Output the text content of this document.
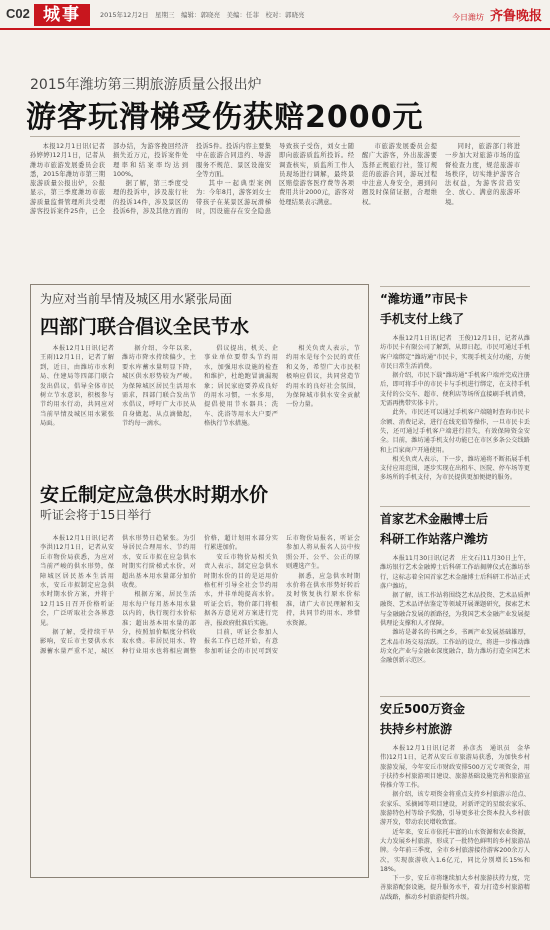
C02 城事	2015年12月2日　星期三　编辑：郭晓亮　美编：任菲　校对：郭晓亮	今日潍坊 齐鲁晚报
2015年潍坊第三期旅游质量公报出炉
游客玩滑梯受伤获赔2000元

本报12月1日讯(记者　孙婷婷)12月1日，记者从潍坊市旅游发展委员会获悉，2015年潍坊市第三期旅游质量公报出炉，公报显示，第三季度潍坊市旅游质量监督管理所共受理游客投诉案件25件，已全部办结，为游客挽回经济损失近万元，投诉案件处理率和结案率均达到100%。

据了解，第三季度受理的投诉中，涉及旅行社的投诉14件，涉及景区的投诉6件，涉及其他方面的投诉5件。投诉内容主要集中在旅游合同违约、导游服务不规范、景区设施安全等方面。

其中一起典型案例为：今年8月，游客刘女士带孩子在某景区游玩滑梯时，因设施存在安全隐患导致孩子受伤，刘女士随即向旅游质监所投诉。经调查核实，质监所工作人员现场进行调解，最终景区赔偿游客医疗费等各项费用共计2000元，游客对处理结果表示满意。

市旅游发展委员会提醒广大游客，外出旅游要选择正规旅行社，签订规范的旅游合同，游玩过程中注意人身安全，遇到问题及时保留证据，合理维权。

同时，旅游部门将进一步加大对旅游市场的监督检查力度，规范旅游市场秩序，切实维护游客合法权益，为游客营造安全、放心、满意的旅游环境。

为应对当前旱情及城区用水紧张局面
四部门联合倡议全民节水

本报12月1日讯(记者　王雨)12月1日，记者了解到，近日，由潍坊市水利局、住建局等四部门联合发出倡议，倡导全体市民树立节水意识，积极参与节约用水行动，共同应对当前旱情及城区用水紧张局面。

据介绍，今年以来，潍坊市降水持续偏少，主要水库蓄水量明显下降，城区供水形势较为严峻。为保障城区居民生活用水需求，四部门联合发出节水倡议，呼吁广大市民从自身做起、从点滴做起，节约每一滴水。

倡议提出，机关、企事业单位要带头节约用水，加强用水设施的检查和维护，杜绝跑冒滴漏现象；居民家庭要养成良好的用水习惯，一水多用，提倡使用节水器具；洗车、洗浴等用水大户要严格执行节水措施。

相关负责人表示，节约用水是每个公民的责任和义务，希望广大市民积极响应倡议，共同营造节约用水的良好社会氛围，为保障城市供水安全贡献一份力量。

安丘制定应急供水时期水价
听证会将于15日举行

本报12月1日讯(记者　李洪)12月1日，记者从安丘市物价局获悉，为应对当前严峻的供水形势，保障城区居民基本生活用水，安丘市拟制定应急供水时期水价方案，并将于12月15日召开价格听证会，广泛听取社会各界意见。

据了解，受持续干旱影响，安丘市主要供水水源蓄水量严重不足，城区供水形势日趋紧张。为引导居民合理用水、节约用水，安丘市拟在应急供水时期实行阶梯式水价，对超出基本用水量部分加价收费。

根据方案，居民生活用水每户每月基本用水量以内的，执行现行水价标准；超出基本用水量的部分，按照加价幅度分档收取水费。非居民用水、特种行业用水也将相应调整价格，超计划用水部分实行累进加价。

安丘市物价局相关负责人表示，制定应急供水时期水价的目的是运用价格杠杆引导全社会节约用水，并非单纯提高水价。听证会后，物价部门将根据各方意见对方案进行完善，报政府批准后实施。

目前，听证会参加人报名工作已经开始，有意参加听证会的市民可到安丘市物价局报名，听证会参加人将从报名人员中按照公开、公平、公正的原则遴选产生。

据悉，应急供水时期水价将在供水形势好转后及时恢复执行原水价标准，请广大市民理解和支持，共同节约用水、珍惜水资源。

“潍坊通”市民卡
手机支付上线了

本报12月1日讯(记者　王俊)12月1日，记者从潍坊市民卡有限公司了解到，从即日起，市民可通过手机客户端绑定“潍坊通”市民卡，实现手机支付功能，方便市民日常生活消费。

据介绍，市民下载“潍坊通”手机客户端并完成注册后，即可将手中的市民卡与手机进行绑定，在支持手机支付的公交车、超市、便利店等场所直接刷手机消费，无需再携带实体卡片。

此外，市民还可以通过手机客户端随时查询市民卡余额、消费记录，进行在线充值等操作，一旦市民卡丢失，还可通过手机客户端进行挂失，有效保障资金安全。目前，潍坊通手机支付功能已在市区多条公交线路和上百家商户开通使用。

相关负责人表示，下一步，潍坊通将不断拓展手机支付应用范围，逐步实现在出租车、医院、停车场等更多场所的手机支付，为市民提供更加便捷的服务。

首家艺术金融博士后
科研工作站落户潍坊

本报11月30日讯(记者　庄文石)11月30日上午，潍坊银行艺术金融博士后科研工作站揭牌仪式在潍坊举行，这标志着全国首家艺术金融博士后科研工作站正式落户潍坊。

据了解，该工作站将围绕艺术品投资、艺术品质押融资、艺术品评估鉴定等领域开展课题研究，探索艺术与金融融合发展的新路径，为我国艺术金融产业发展提供理论支撑和人才保障。

潍坊是著名的书画之乡，书画产业发展基础雄厚，艺术品市场交易活跃。工作站的设立，将进一步推动潍坊文化产业与金融业深度融合，助力潍坊打造全国艺术金融创新示范区。

安丘500万资金
扶持乡村旅游

本报12月1日讯(记者　孙彦杰　通讯员　金华伟)12月1日，记者从安丘市旅游局获悉，为加快乡村旅游发展，今年安丘市财政安排500万元专项资金，用于扶持乡村旅游项目建设、旅游基础设施完善和旅游宣传推介等工作。

据介绍，该专项资金将重点支持乡村旅游示范点、农家乐、采摘园等项目建设，对新评定的星级农家乐、旅游特色村等给予奖励，引导更多社会资本投入乡村旅游开发，带动农民增收致富。

近年来，安丘市依托丰富的山水资源和农业资源，大力发展乡村旅游，形成了一批特色鲜明的乡村旅游品牌。今年前三季度，全市乡村旅游接待游客200余万人次，实现旅游收入1.6亿元，同比分别增长15%和18%。

下一步，安丘市将继续加大乡村旅游扶持力度，完善旅游配套设施，提升服务水平，着力打造乡村旅游精品线路，推动乡村旅游提档升级。
